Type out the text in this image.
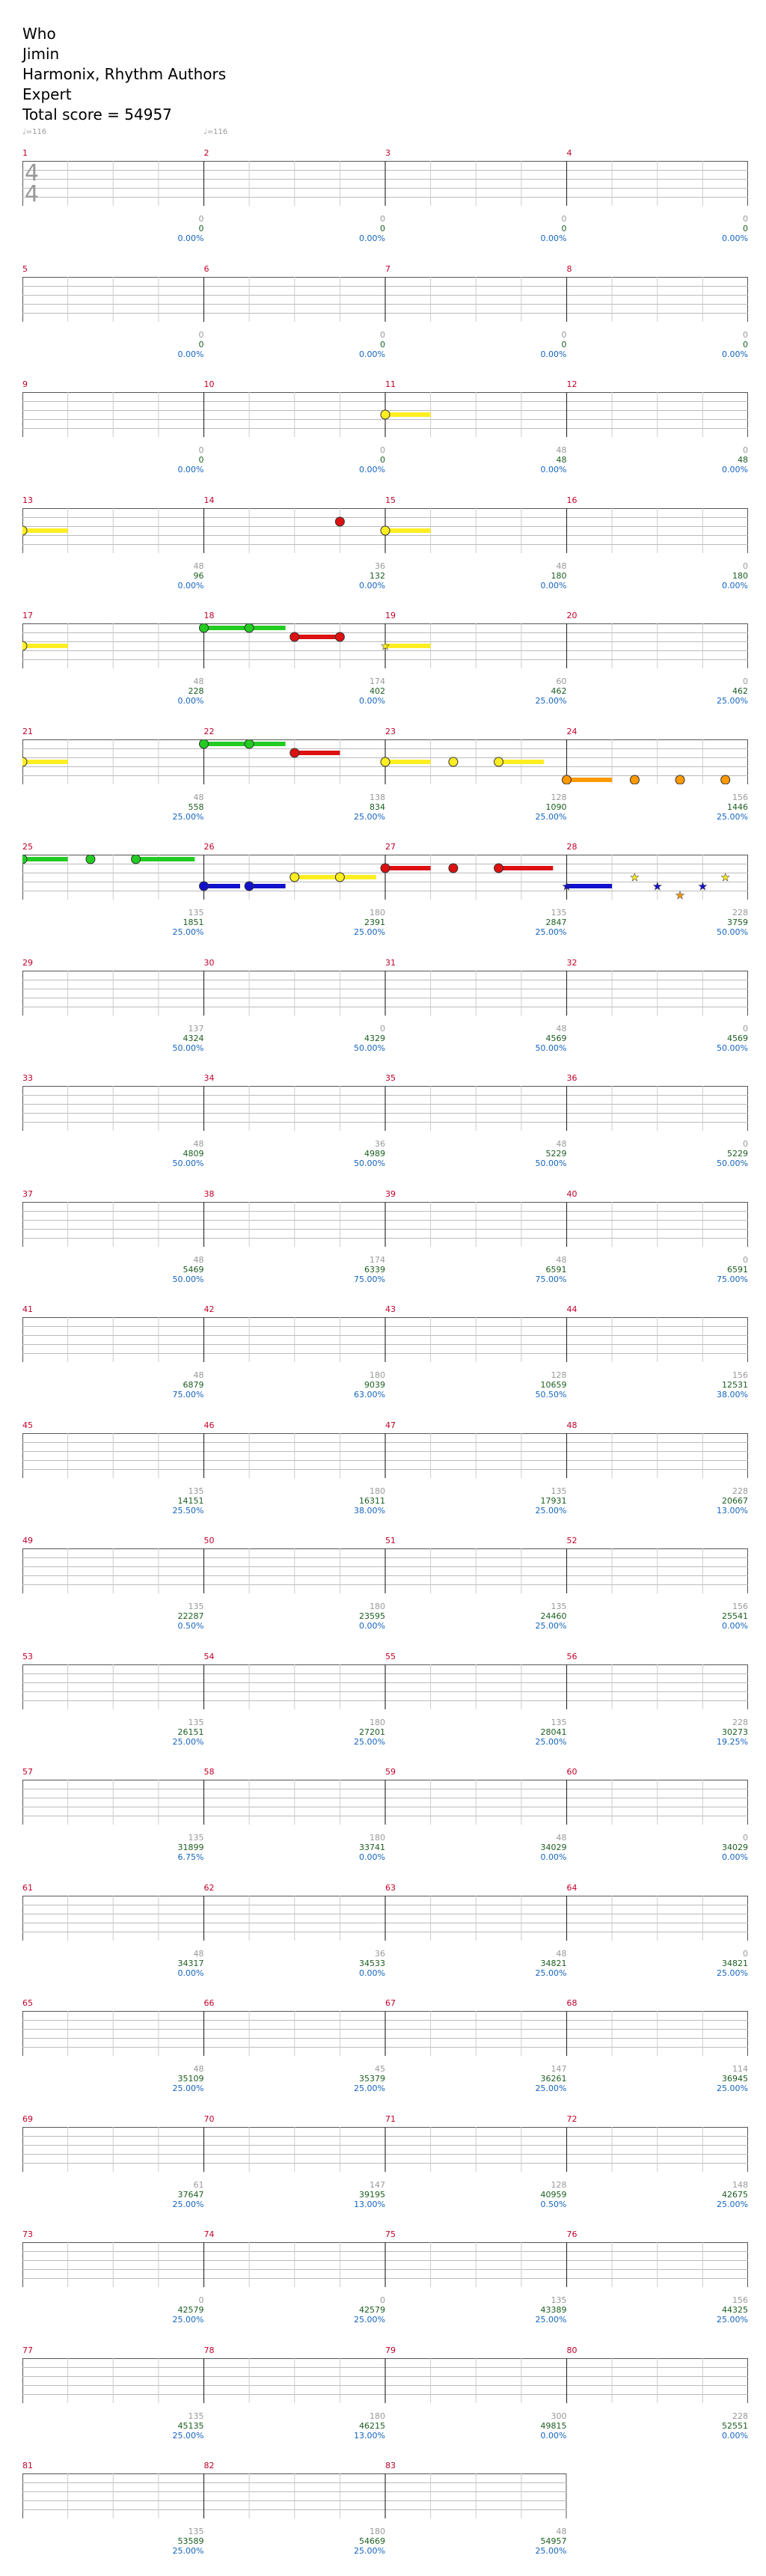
Who
Jimin
Harmonix, Rhythm Authors
Expert
Total score = 54957
♩=116	♩=116
1	2	3	4
4
4
0
0
0.00%
0
0
0.00%
0
0
0.00%
0
0
0.00%
5	6	7	8
0
0
0.00%
0
0
0.00%
0
0
0.00%
0
0
0.00%
9	10	11	12
0
0
0.00%
0
0
0.00%
48
48
0.00%
0
48
0.00%
13	14	15	16
48
96
0.00%
36
132
0.00%
48
180
0.00%
0
180
0.00%
17	18	19	20
★
48
228
0.00%
174
402
0.00%
60
462
25.00%
0
462
25.00%
21	22	23	24
48
558
25.00%
138
834
25.00%
128
1090
25.00%
156
1446
25.00%
25	26	27	28
★
★
★
★
★
★
135
1851
25.00%
180
2391
25.00%
135
2847
25.00%
228
3759
50.00%
29	30	31	32
137
4324
50.00%
0
4329
50.00%
48
4569
50.00%
0
4569
50.00%
33	34	35	36
48
4809
50.00%
36
4989
50.00%
48
5229
50.00%
0
5229
50.00%
37	38	39	40
48
5469
50.00%
174
6339
75.00%
48
6591
75.00%
0
6591
75.00%
41	42	43	44
48
6879
75.00%
180
9039
63.00%
128
10659
50.50%
156
12531
38.00%
45	46	47	48
135
14151
25.50%
180
16311
38.00%
135
17931
25.00%
228
20667
13.00%
49	50	51	52
135
22287
0.50%
180
23595
0.00%
135
24460
25.00%
156
25541
0.00%
53	54	55	56
135
26151
25.00%
180
27201
25.00%
135
28041
25.00%
228
30273
19.25%
57	58	59	60
135
31899
6.75%
180
33741
0.00%
48
34029
0.00%
0
34029
0.00%
61	62	63	64
48
34317
0.00%
36
34533
0.00%
48
34821
25.00%
0
34821
25.00%
65	66	67	68
48
35109
25.00%
45
35379
25.00%
147
36261
25.00%
114
36945
25.00%
69	70	71	72
61
37647
25.00%
147
39195
13.00%
128
40959
0.50%
148
42675
25.00%
73	74	75	76
0
42579
25.00%
0
42579
25.00%
135
43389
25.00%
156
44325
25.00%
77	78	79	80
135
45135
25.00%
180
46215
13.00%
300
49815
0.00%
228
52551
0.00%
81	82	83
135
53589
25.00%
180
54669
25.00%
48
54957
25.00%
